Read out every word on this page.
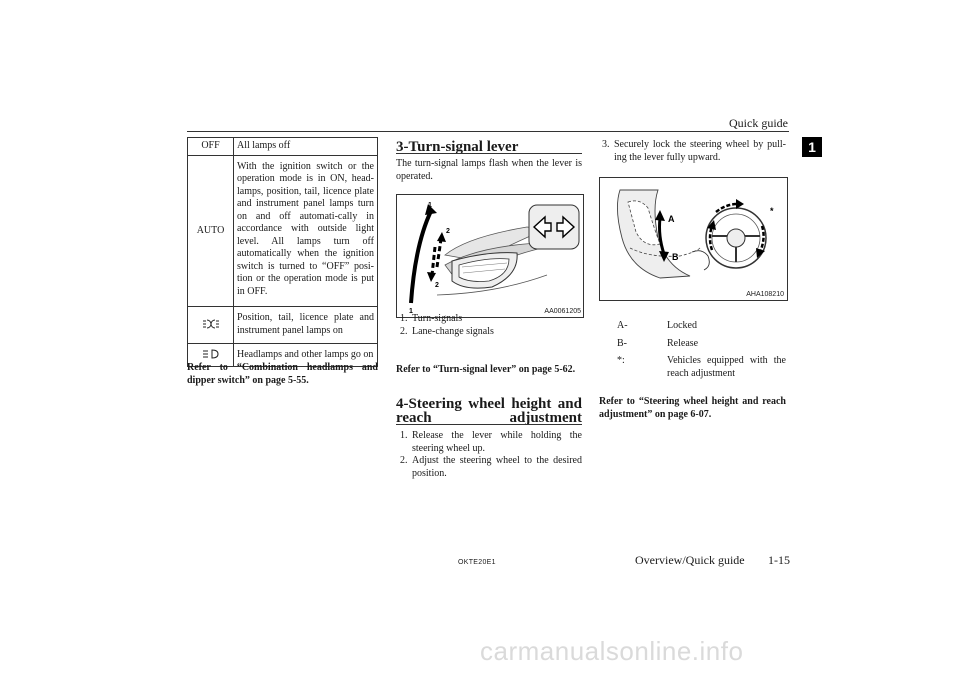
Quick guide
1
OFF	All lamps off
AUTO	With the ignition switch or the operation mode is in ON, head-lamps, position, tail, licence plate and instrument panel lamps turn on and off automati-cally in accordance with outside light level. All lamps turn off automatically when the ignition switch is turned to “OFF” posi-tion or the operation mode is put in OFF.
	Position, tail, licence plate and instrument panel lamps on
	Headlamps and other lamps go on
Refer to “Combination headlamps and dipper switch” on page 5-55.
3-Turn-signal lever

The turn-signal lamps flash when the lever is operated.

1
2
2
1	AA0061205
1. Turn-signals
2. Lane-change signals
Refer to “Turn-signal lever” on page 5-62.
4-Steering wheel height and reach adjustment
1. Release the lever while holding the steering wheel up.
2. Adjust the steering wheel to the desired position.
3. Securely lock the steering wheel by pull-ing the lever fully upward.
A
B
*
AHA108210
A-	Locked
B-	Release
*:	Vehicles equipped with the reach adjustment
Refer to “Steering wheel height and reach adjustment” on page 6-07.
OKTE20E1	Overview/Quick guide 1-15
carmanualsonline.info
